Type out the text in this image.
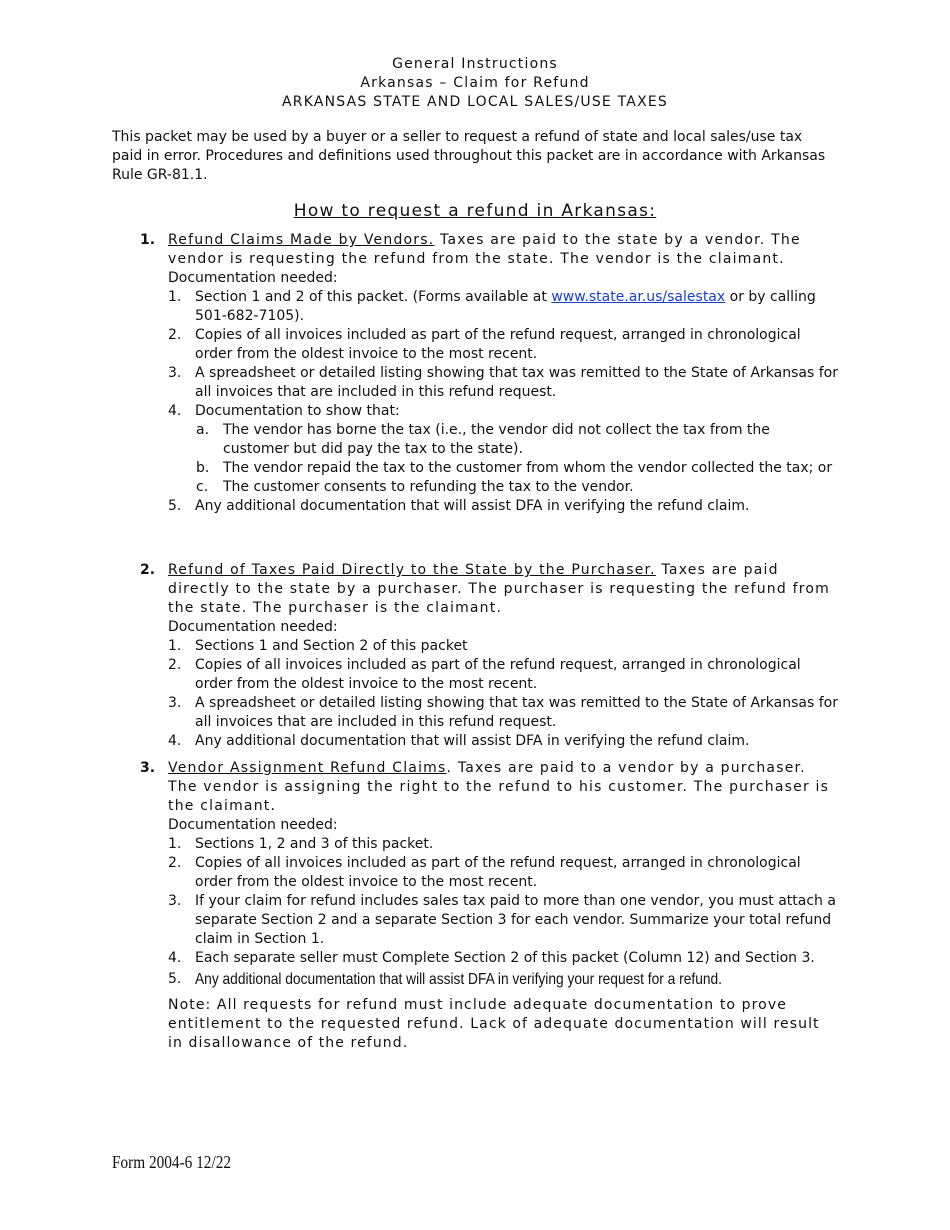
General Instructions
Arkansas – Claim for Refund
ARKANSAS STATE AND LOCAL SALES/USE TAXES
This packet may be used by a buyer or a seller to request a refund of state and local sales/use tax paid in error. Procedures and definitions used throughout this packet are in accordance with Arkansas Rule GR-81.1.
How to request a refund in Arkansas:
1. Refund Claims Made by Vendors. Taxes are paid to the state by a vendor. The vendor is requesting the refund from the state. The vendor is the claimant.
Documentation needed:
1. Section 1 and 2 of this packet. (Forms available at www.state.ar.us/salestax or by calling 501-682-7105).
2. Copies of all invoices included as part of the refund request, arranged in chronological order from the oldest invoice to the most recent.
3. A spreadsheet or detailed listing showing that tax was remitted to the State of Arkansas for all invoices that are included in this refund request.
4. Documentation to show that:
a. The vendor has borne the tax (i.e., the vendor did not collect the tax from the customer but did pay the tax to the state).
b. The vendor repaid the tax to the customer from whom the vendor collected the tax; or
c. The customer consents to refunding the tax to the vendor.
5. Any additional documentation that will assist DFA in verifying the refund claim.
2. Refund of Taxes Paid Directly to the State by the Purchaser. Taxes are paid directly to the state by a purchaser. The purchaser is requesting the refund from the state. The purchaser is the claimant.
Documentation needed:
1. Sections 1 and Section 2 of this packet
2. Copies of all invoices included as part of the refund request, arranged in chronological order from the oldest invoice to the most recent.
3. A spreadsheet or detailed listing showing that tax was remitted to the State of Arkansas for all invoices that are included in this refund request.
4. Any additional documentation that will assist DFA in verifying the refund claim.
3. Vendor Assignment Refund Claims. Taxes are paid to a vendor by a purchaser. The vendor is assigning the right to the refund to his customer. The purchaser is the claimant.
Documentation needed:
1. Sections 1, 2 and 3 of this packet.
2. Copies of all invoices included as part of the refund request, arranged in chronological order from the oldest invoice to the most recent.
3. If your claim for refund includes sales tax paid to more than one vendor, you must attach a separate Section 2 and a separate Section 3 for each vendor. Summarize your total refund claim in Section 1.
4. Each separate seller must Complete Section 2 of this packet (Column 12) and Section 3.
5. Any additional documentation that will assist DFA in verifying your request for a refund.
Note: All requests for refund must include adequate documentation to prove entitlement to the requested refund. Lack of adequate documentation will result in disallowance of the refund.
Form 2004-6 12/22
